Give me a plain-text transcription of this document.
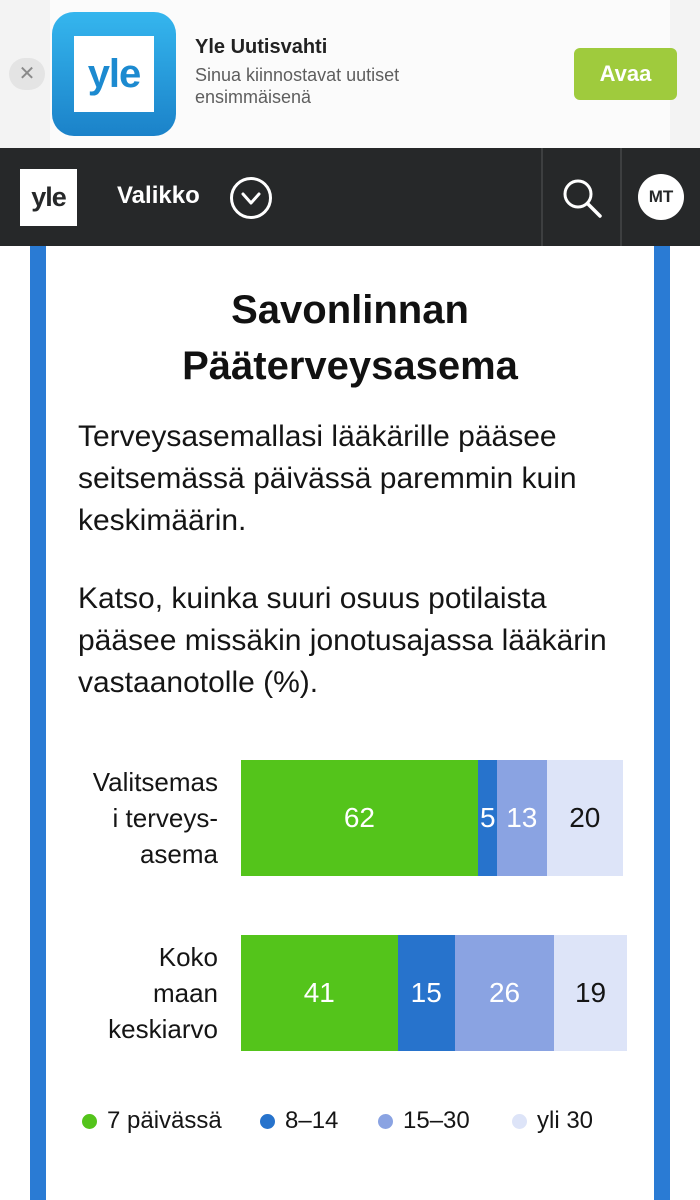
✕	yle
Yle Uutisvahti
Sinua kiinnostavat uutiset ensimmäisenä
Avaa
yle	Valikko	MT
Savonlinnan Pääterveysasema
Terveysasemallasi lääkärille pääsee seitsemässä päivässä paremmin kuin keskimäärin.
Katso, kuinka suuri osuus potilaista pääsee missäkin jonotusajassa lääkärin vastaanotolle (%).
Valitsemas
i terveys-
asema
62	5 13	20
Koko
maan
keskiarvo
41	15	26	19
7 päivässä	8–14	15–30	yli 30
